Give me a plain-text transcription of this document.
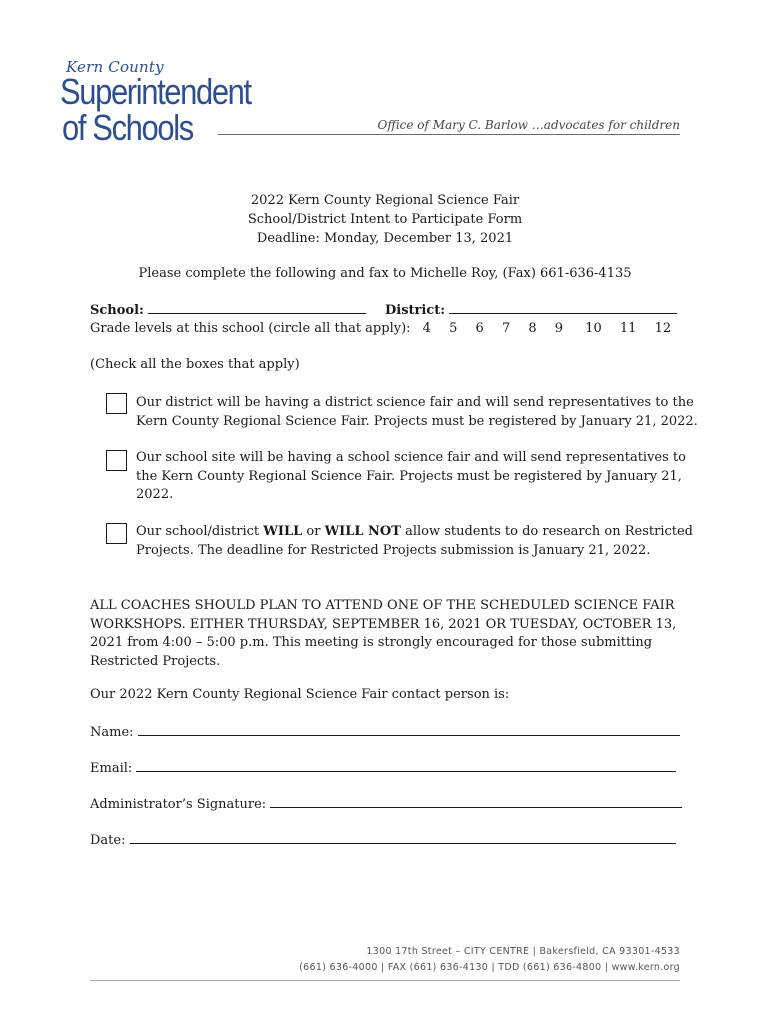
Kern County
Superintendent
of Schools	Office of Mary C. Barlow …advocates for children
2022 Kern County Regional Science Fair
School/District Intent to Participate Form
Deadline: Monday, December 13, 2021
Please complete the following and fax to Michelle Roy, (Fax) 661-636-4135
School:	District:
Grade levels at this school (circle all that apply): 4 5 6 7 8 9 10 11 12
(Check all the boxes that apply)
Our district will be having a district science fair and will send representatives to the
Kern County Regional Science Fair. Projects must be registered by January 21, 2022.
Our school site will be having a school science fair and will send representatives to
the Kern County Regional Science Fair. Projects must be registered by January 21,
2022.
Our school/district WILL or WILL NOT allow students to do research on Restricted
Projects. The deadline for Restricted Projects submission is January 21, 2022.
ALL COACHES SHOULD PLAN TO ATTEND ONE OF THE SCHEDULED SCIENCE FAIR
WORKSHOPS. EITHER THURSDAY, SEPTEMBER 16, 2021 OR TUESDAY, OCTOBER 13,
2021 from 4:00 – 5:00 p.m. This meeting is strongly encouraged for those submitting
Restricted Projects.
Our 2022 Kern County Regional Science Fair contact person is:
Name:
Email:
Administrator’s Signature:
Date:
1300 17th Street – CITY CENTRE | Bakersfield, CA 93301-4533
(661) 636-4000 | FAX (661) 636-4130 | TDD (661) 636-4800 | www.kern.org
